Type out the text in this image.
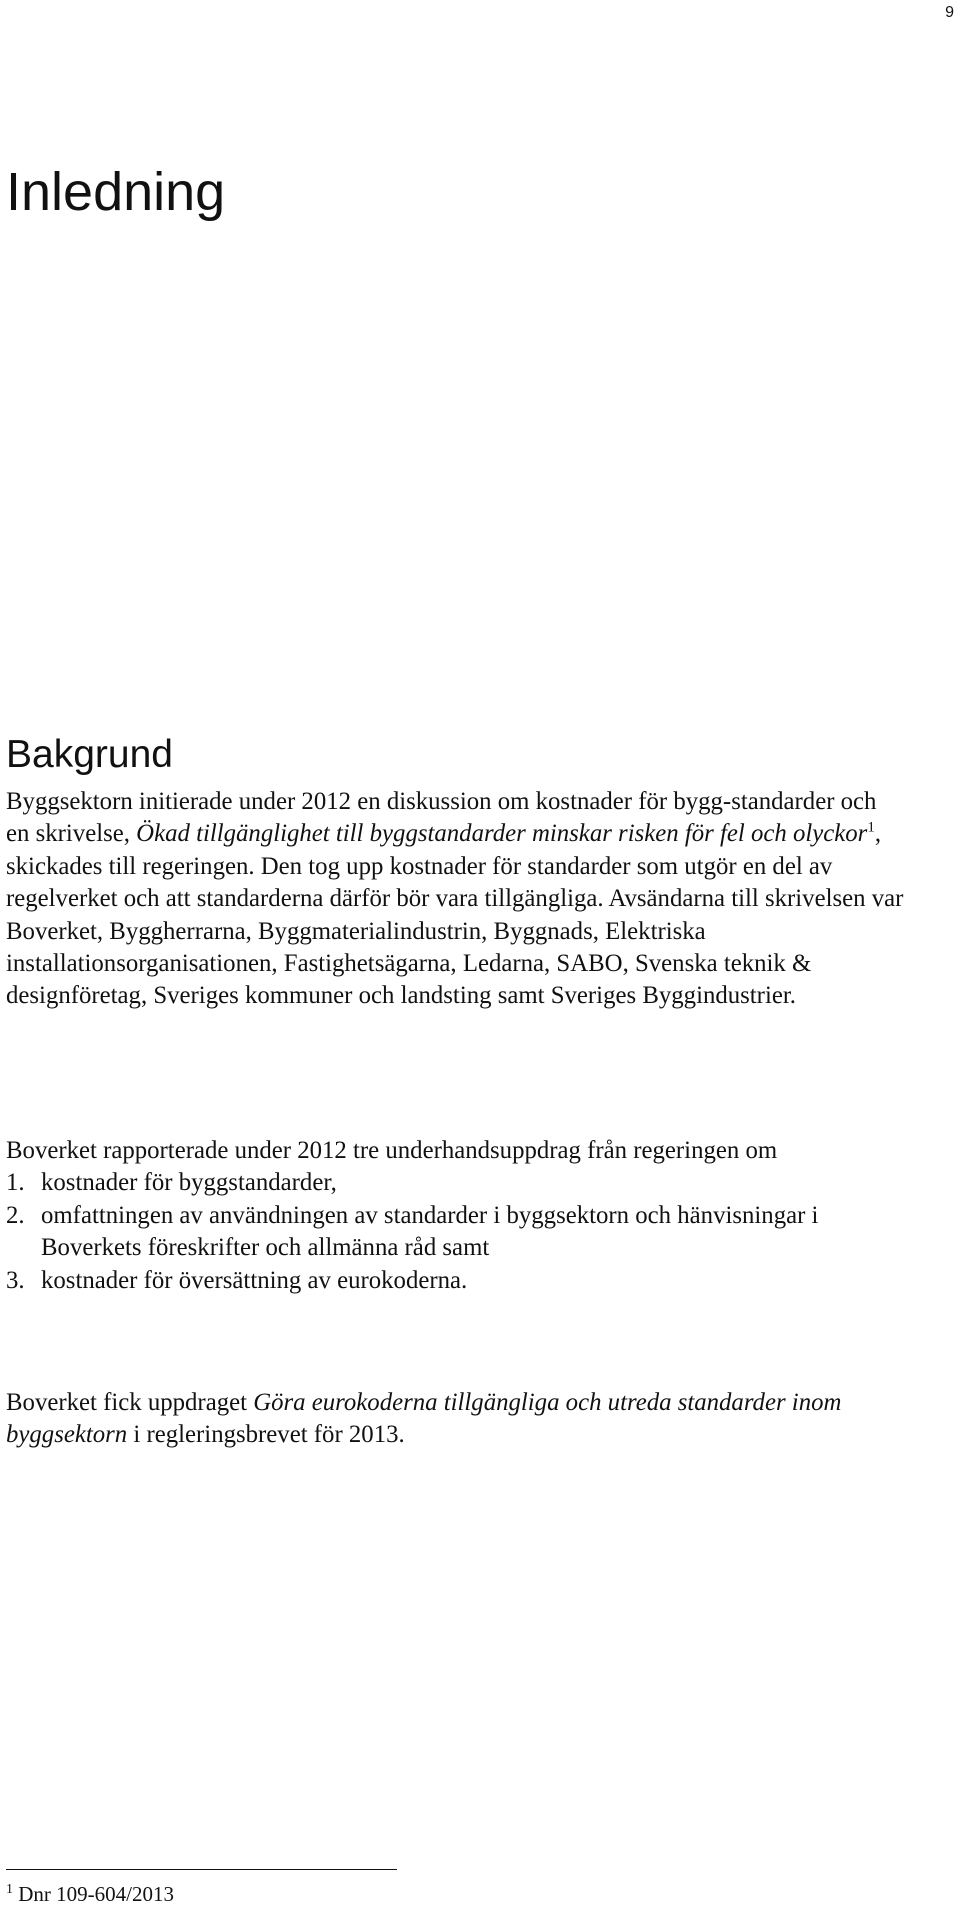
9
Inledning
Bakgrund

Byggsektorn initierade under 2012 en diskussion om kostnader för bygg-standarder och en skrivelse, Ökad tillgänglighet till byggstandarder minskar risken för fel och olyckor$^1$, skickades till regeringen. Den tog upp kostnader för standarder som utgör en del av regelverket och att standarderna därför bör vara tillgängliga. Avsändarna till skrivelsen var Boverket, Byggherrarna, Byggmaterialindustrin, Byggnads, Elektriska installationsorganisationen, Fastighetsägarna, Ledarna, SABO, Svenska teknik & designföretag, Sveriges kommuner och landsting samt Sveriges Byggindustrier.

Boverket rapporterade under 2012 tre underhandsuppdrag från regeringen om

1. kostnader för byggstandarder,
2. omfattningen av användningen av standarder i byggsektorn och hänvisningar i Boverkets föreskrifter och allmänna råd samt
3. kostnader för översättning av eurokoderna.

Boverket fick uppdraget Göra eurokoderna tillgängliga och utreda standarder inom byggsektorn i regleringsbrevet för 2013.

$^1$ Dnr 109-604/2013
